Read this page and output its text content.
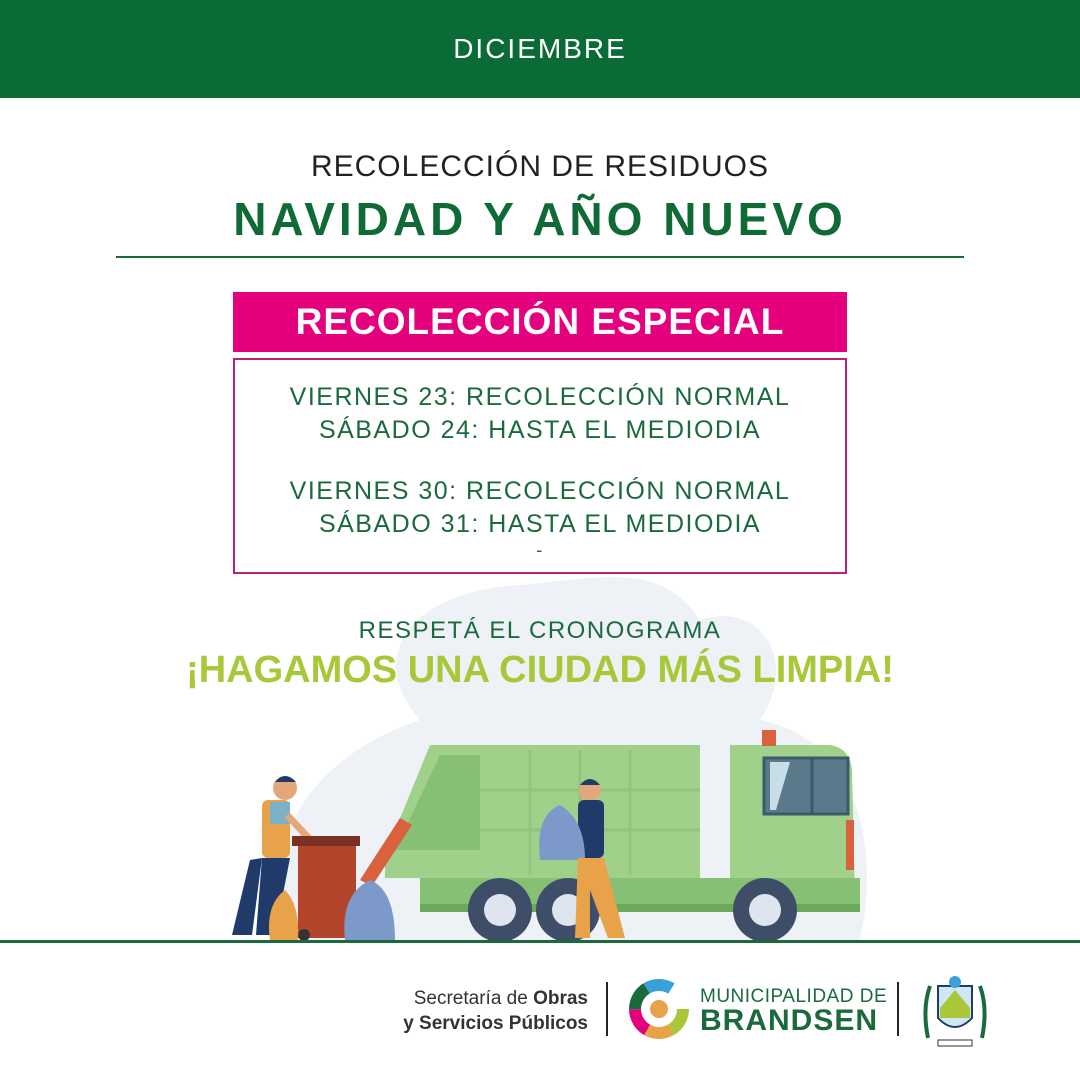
DICIEMBRE
RECOLECCIÓN DE RESIDUOS
NAVIDAD Y AÑO NUEVO
RECOLECCIÓN ESPECIAL
VIERNES 23: RECOLECCIÓN NORMAL
SÁBADO 24: HASTA EL MEDIODIA
VIERNES 30: RECOLECCIÓN NORMAL
SÁBADO 31: HASTA EL MEDIODIA
-
RESPETÁ EL CRONOGRAMA
¡HAGAMOS UNA CIUDAD MÁS LIMPIA!
Secretaría de Obras
y Servicios Públicos
MUNICIPALIDAD DE
BRANDSEN
